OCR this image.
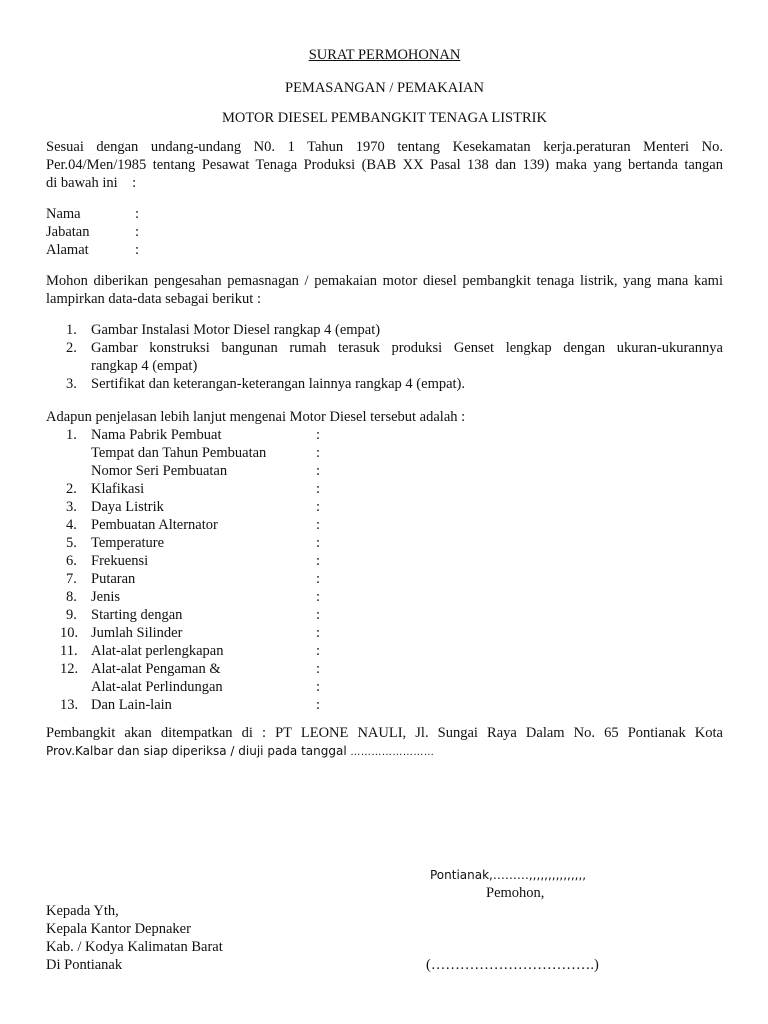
SURAT PERMOHONAN
PEMASANGAN / PEMAKAIAN
MOTOR DIESEL PEMBANGKIT TENAGA LISTRIK
Sesuai dengan undang-undang N0. 1 Tahun 1970 tentang Kesekamatan kerja.peraturan Menteri No.
Per.04/Men/1985 tentang Pesawat Tenaga Produksi (BAB XX Pasal 138 dan 139) maka yang bertanda tangan
di bawah ini    :
Nama	:
Jabatan	:
Alamat	:
Mohon diberikan pengesahan pemasnagan / pemakaian motor diesel pembangkit tenaga listrik, yang mana kami
lampirkan data-data sebagai berikut :
1. Gambar Instalasi Motor Diesel rangkap 4 (empat)
2. Gambar konstruksi bangunan rumah terasuk produksi Genset lengkap dengan ukuran-ukurannya
rangkap 4 (empat)
3. Sertifikat dan keterangan-keterangan lainnya rangkap 4 (empat).
Adapun penjelasan lebih lanjut mengenai Motor Diesel tersebut adalah :
1. Nama Pabrik Pembuat	:
Tempat dan Tahun Pembuatan	:
Nomor Seri Pembuatan	:
2. Klafikasi	:
3. Daya Listrik	:
4. Pembuatan Alternator	:
5. Temperature	:
6. Frekuensi	:
7. Putaran	:
8. Jenis	:
9. Starting dengan	:
10. Jumlah Silinder	:
11. Alat-alat perlengkapan	:
12. Alat-alat Pengaman &	:
Alat-alat Perlindungan	:
13. Dan Lain-lain	:
Pembangkit akan ditempatkan di : PT LEONE NAULI, Jl. Sungai Raya Dalam No. 65 Pontianak Kota
Prov.Kalbar dan siap diperiksa / diuji pada tanggal ……………………
Pontianak,………,,,,,,,,,,,,,,,
Pemohon,
(…………………………….)
Kepada Yth,
Kepala Kantor Depnaker
Kab. / Kodya Kalimatan Barat
Di Pontianak
